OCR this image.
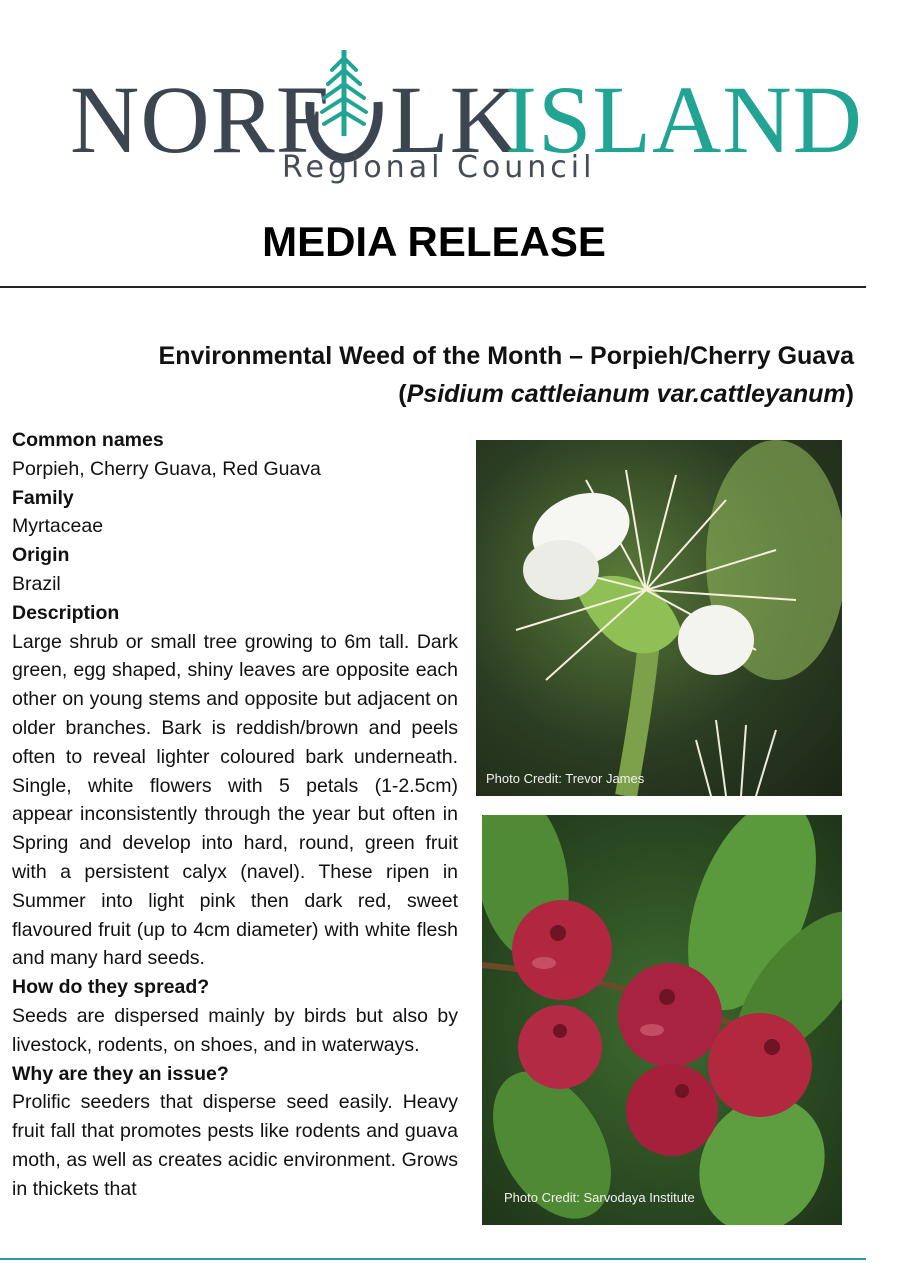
NORF LK
ISLAND
Regional Council
MEDIA RELEASE
Environmental Weed of the Month – Porpieh/Cherry Guava
(Psidium cattleianum var.cattleyanum)
Common names
Porpieh, Cherry Guava, Red Guava
Family
Myrtaceae
Origin
Brazil
Description
Large shrub or small tree growing to 6m tall. Dark green, egg shaped, shiny leaves are opposite each other on young stems and opposite but adjacent on older branches. Bark is reddish/brown and peels often to reveal lighter coloured bark underneath. Single, white flowers with 5 petals (1-2.5cm) appear inconsistently through the year but often in Spring and develop into hard, round, green fruit with a persistent calyx (navel). These ripen in Summer into light pink then dark red, sweet flavoured fruit (up to 4cm diameter) with white flesh and many hard seeds.
How do they spread?
Seeds are dispersed mainly by birds but also by livestock, rodents, on shoes, and in waterways.
Why are they an issue?
Prolific seeders that disperse seed easily. Heavy fruit fall that promotes pests like rodents and guava moth, as well as creates acidic environment. Grows in thickets that
Photo Credit: Trevor James
Photo Credit: Sarvodaya Institute
